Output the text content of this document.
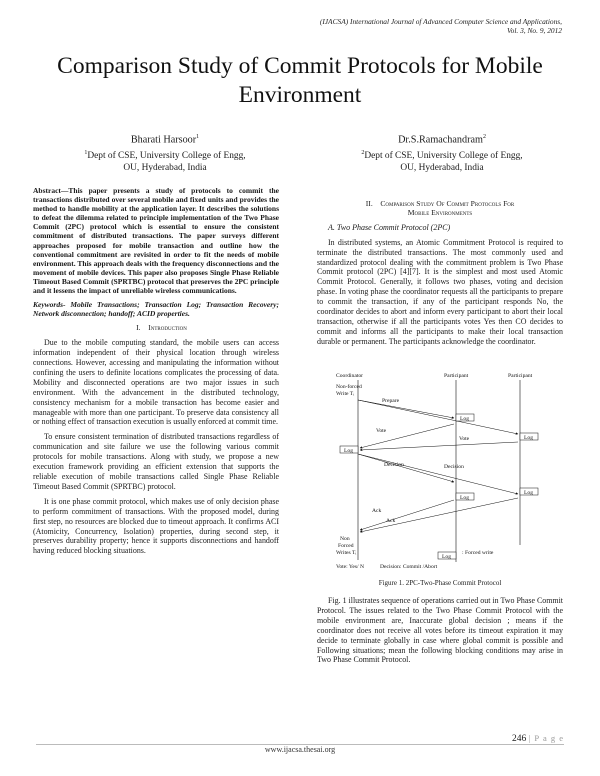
(IJACSA) International Journal of Advanced Computer Science and Applications,
Vol. 3, No. 9, 2012
Comparison Study of Commit Protocols for Mobile Environment
Bharati Harsoor$^1$
$^1$Dept of CSE, University College of Engg,
OU, Hyderabad, India
Dr.S.Ramachandram$^2$
$^2$Dept of CSE, University College of Engg,
OU, Hyderabad, India

Abstract—This paper presents a study of protocols to commit the transactions distributed over several mobile and fixed units and provides the method to handle mobility at the application layer. It describes the solutions to defeat the dilemma related to principle implementation of the Two Phase Commit (2PC) protocol which is essential to ensure the consistent commitment of distributed transactions. The paper surveys different approaches proposed for mobile transaction and outline how the conventional commitment are revisited in order to fit the needs of mobile environment. This approach deals with the frequency disconnections and the movement of mobile devices. This paper also proposes Single Phase Reliable Timeout Based Commit (SPRTBC) protocol that preserves the 2PC principle and it lessens the impact of unreliable wireless communications.

Keywords- Mobile Transactions; Transaction Log; Transaction Recovery; Network disconnection; handoff; ACID properties.

I. Introduction

Due to the mobile computing standard, the mobile users can access information independent of their physical location through wireless connections. However, accessing and manipulating the information without confining the users to definite locations complicates the processing of data. Mobility and disconnected operations are two major issues in such environment. With the advancement in the distributed technology, consistency mechanism for a mobile transaction has become easier and manageable with more than one participant. To preserve data consistency all or nothing effect of transaction execution is usually enforced at commit time.

To ensure consistent termination of distributed transactions regardless of communication and site failure we use the following various commit protocols for mobile transactions. Along with study, we propose a new execution framework providing an efficient extension that supports the reliable execution of mobile transactions called Single Phase Reliable Timeout Based Commit (SPRTBC) protocol.

It is one phase commit protocol, which makes use of only decision phase to perform commitment of transactions. With the proposed model, during first step, no resources are blocked due to timeout approach. It confirms ACI (Atomicity, Concurrency, Isolation) properties, during second step, it preserves durability property; hence it supports disconnections and handoff having reduced blocking situations.

II. Comparison Study Of Commit Protocols For
Mobile Environments

A. Two Phase Commit Protocol (2PC)

In distributed systems, an Atomic Commitment Protocol is required to terminate the distributed transactions. The most commonly used and standardized protocol dealing with the commitment problem is Two Phase Commit protocol (2PC) [4][7]. It is the simplest and most used Atomic Commit Protocol. Generally, it follows two phases, voting and decision phase. In voting phase the coordinator requests all the participants to prepare to commit the transaction, if any of the participant responds No, the coordinator decides to abort and inform every participant to abort their local transaction, otherwise if all the participants votes Yes then CO decides to commit and informs all the participants to make their local transaction durable or permanent. The participants acknowledge the coordinator.

Coordinator	Participant	Participant
Non-forced
Write Tᵢ
Prepare
Log
Log
Vote
Vote
Log
Decision	Decision
Log
Log
Ack
Ack
Non
Forced
Writes Tᵢ
Log
: Forced write
Vote: Yes/ N	Decision: Commit /Abort
Figure 1. 2PC-Two-Phase Commit Protocol

Fig. 1 illustrates sequence of operations carried out in Two Phase Commit Protocol. The issues related to the Two Phase Commit Protocol with the mobile environment are, Inaccurate global decision ; means if the coordinator does not receive all votes before its timeout expiration it may decide to terminate globally in case where global commit is possible and Following situations; mean the following blocking conditions may arise in Two Phase Commit Protocol.

246 | P a g e
www.ijacsa.thesai.org
